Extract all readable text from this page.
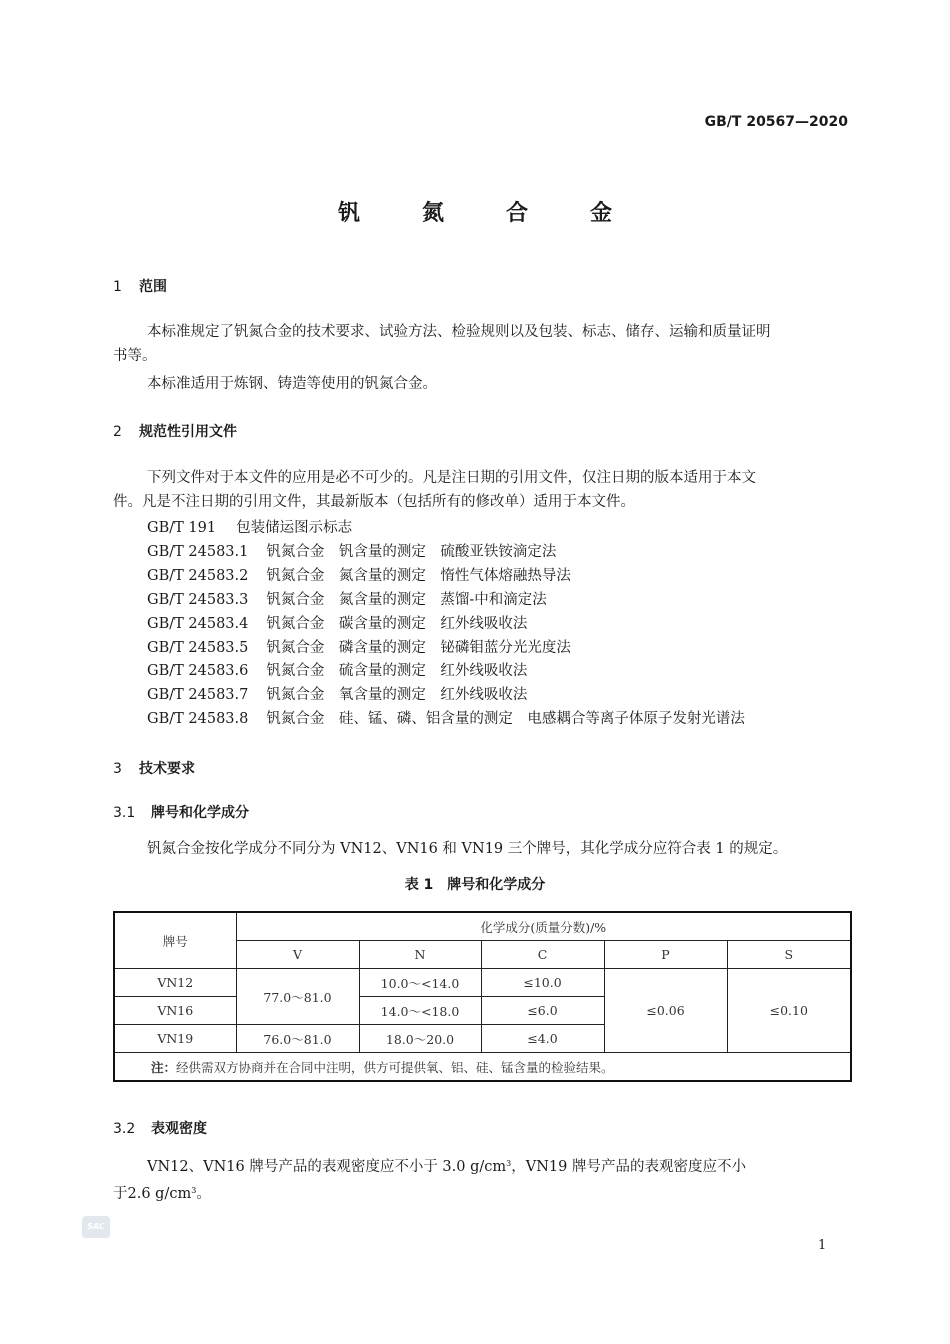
GB/T 20567—2020
钒　氮　合　金
1 范围
本标准规定了钒氮合金的技术要求、试验方法、检验规则以及包装、标志、储存、运输和质量证明
书等。
本标准适用于炼钢、铸造等使用的钒氮合金。
2 规范性引用文件
下列文件对于本文件的应用是必不可少的。凡是注日期的引用文件，仅注日期的版本适用于本文
件。凡是不注日期的引用文件，其最新版本（包括所有的修改单）适用于本文件。
GB/T 191 包装储运图示标志
GB/T 24583.1 钒氮合金　钒含量的测定　硫酸亚铁铵滴定法
GB/T 24583.2 钒氮合金　氮含量的测定　惰性气体熔融热导法
GB/T 24583.3 钒氮合金　氮含量的测定　蒸馏-中和滴定法
GB/T 24583.4 钒氮合金　碳含量的测定　红外线吸收法
GB/T 24583.5 钒氮合金　磷含量的测定　铋磷钼蓝分光光度法
GB/T 24583.6 钒氮合金　硫含量的测定　红外线吸收法
GB/T 24583.7 钒氮合金　氧含量的测定　红外线吸收法
GB/T 24583.8 钒氮合金　硅、锰、磷、铝含量的测定　电感耦合等离子体原子发射光谱法
3 技术要求
3.1 牌号和化学成分
钒氮合金按化学成分不同分为 VN12、VN16 和 VN19 三个牌号，其化学成分应符合表 1 的规定。
表 1　牌号和化学成分
牌号	化学成分(质量分数)/%				
	V	N	C	P	S
VN12	77.0～81.0	10.0～<14.0	≤10.0	≤0.06	≤0.10
VN16		14.0～<18.0	≤6.0		
VN19	76.0～81.0	18.0～20.0	≤4.0		
注：经供需双方协商并在合同中注明，供方可提供氧、铝、硅、锰含量的检验结果。					
3.2 表观密度
VN12、VN16 牌号产品的表观密度应不小于 3.0 $g/cm^3$，VN19 牌号产品的表观密度应不小
于2.6 $g/cm^3$。
SAC
1
